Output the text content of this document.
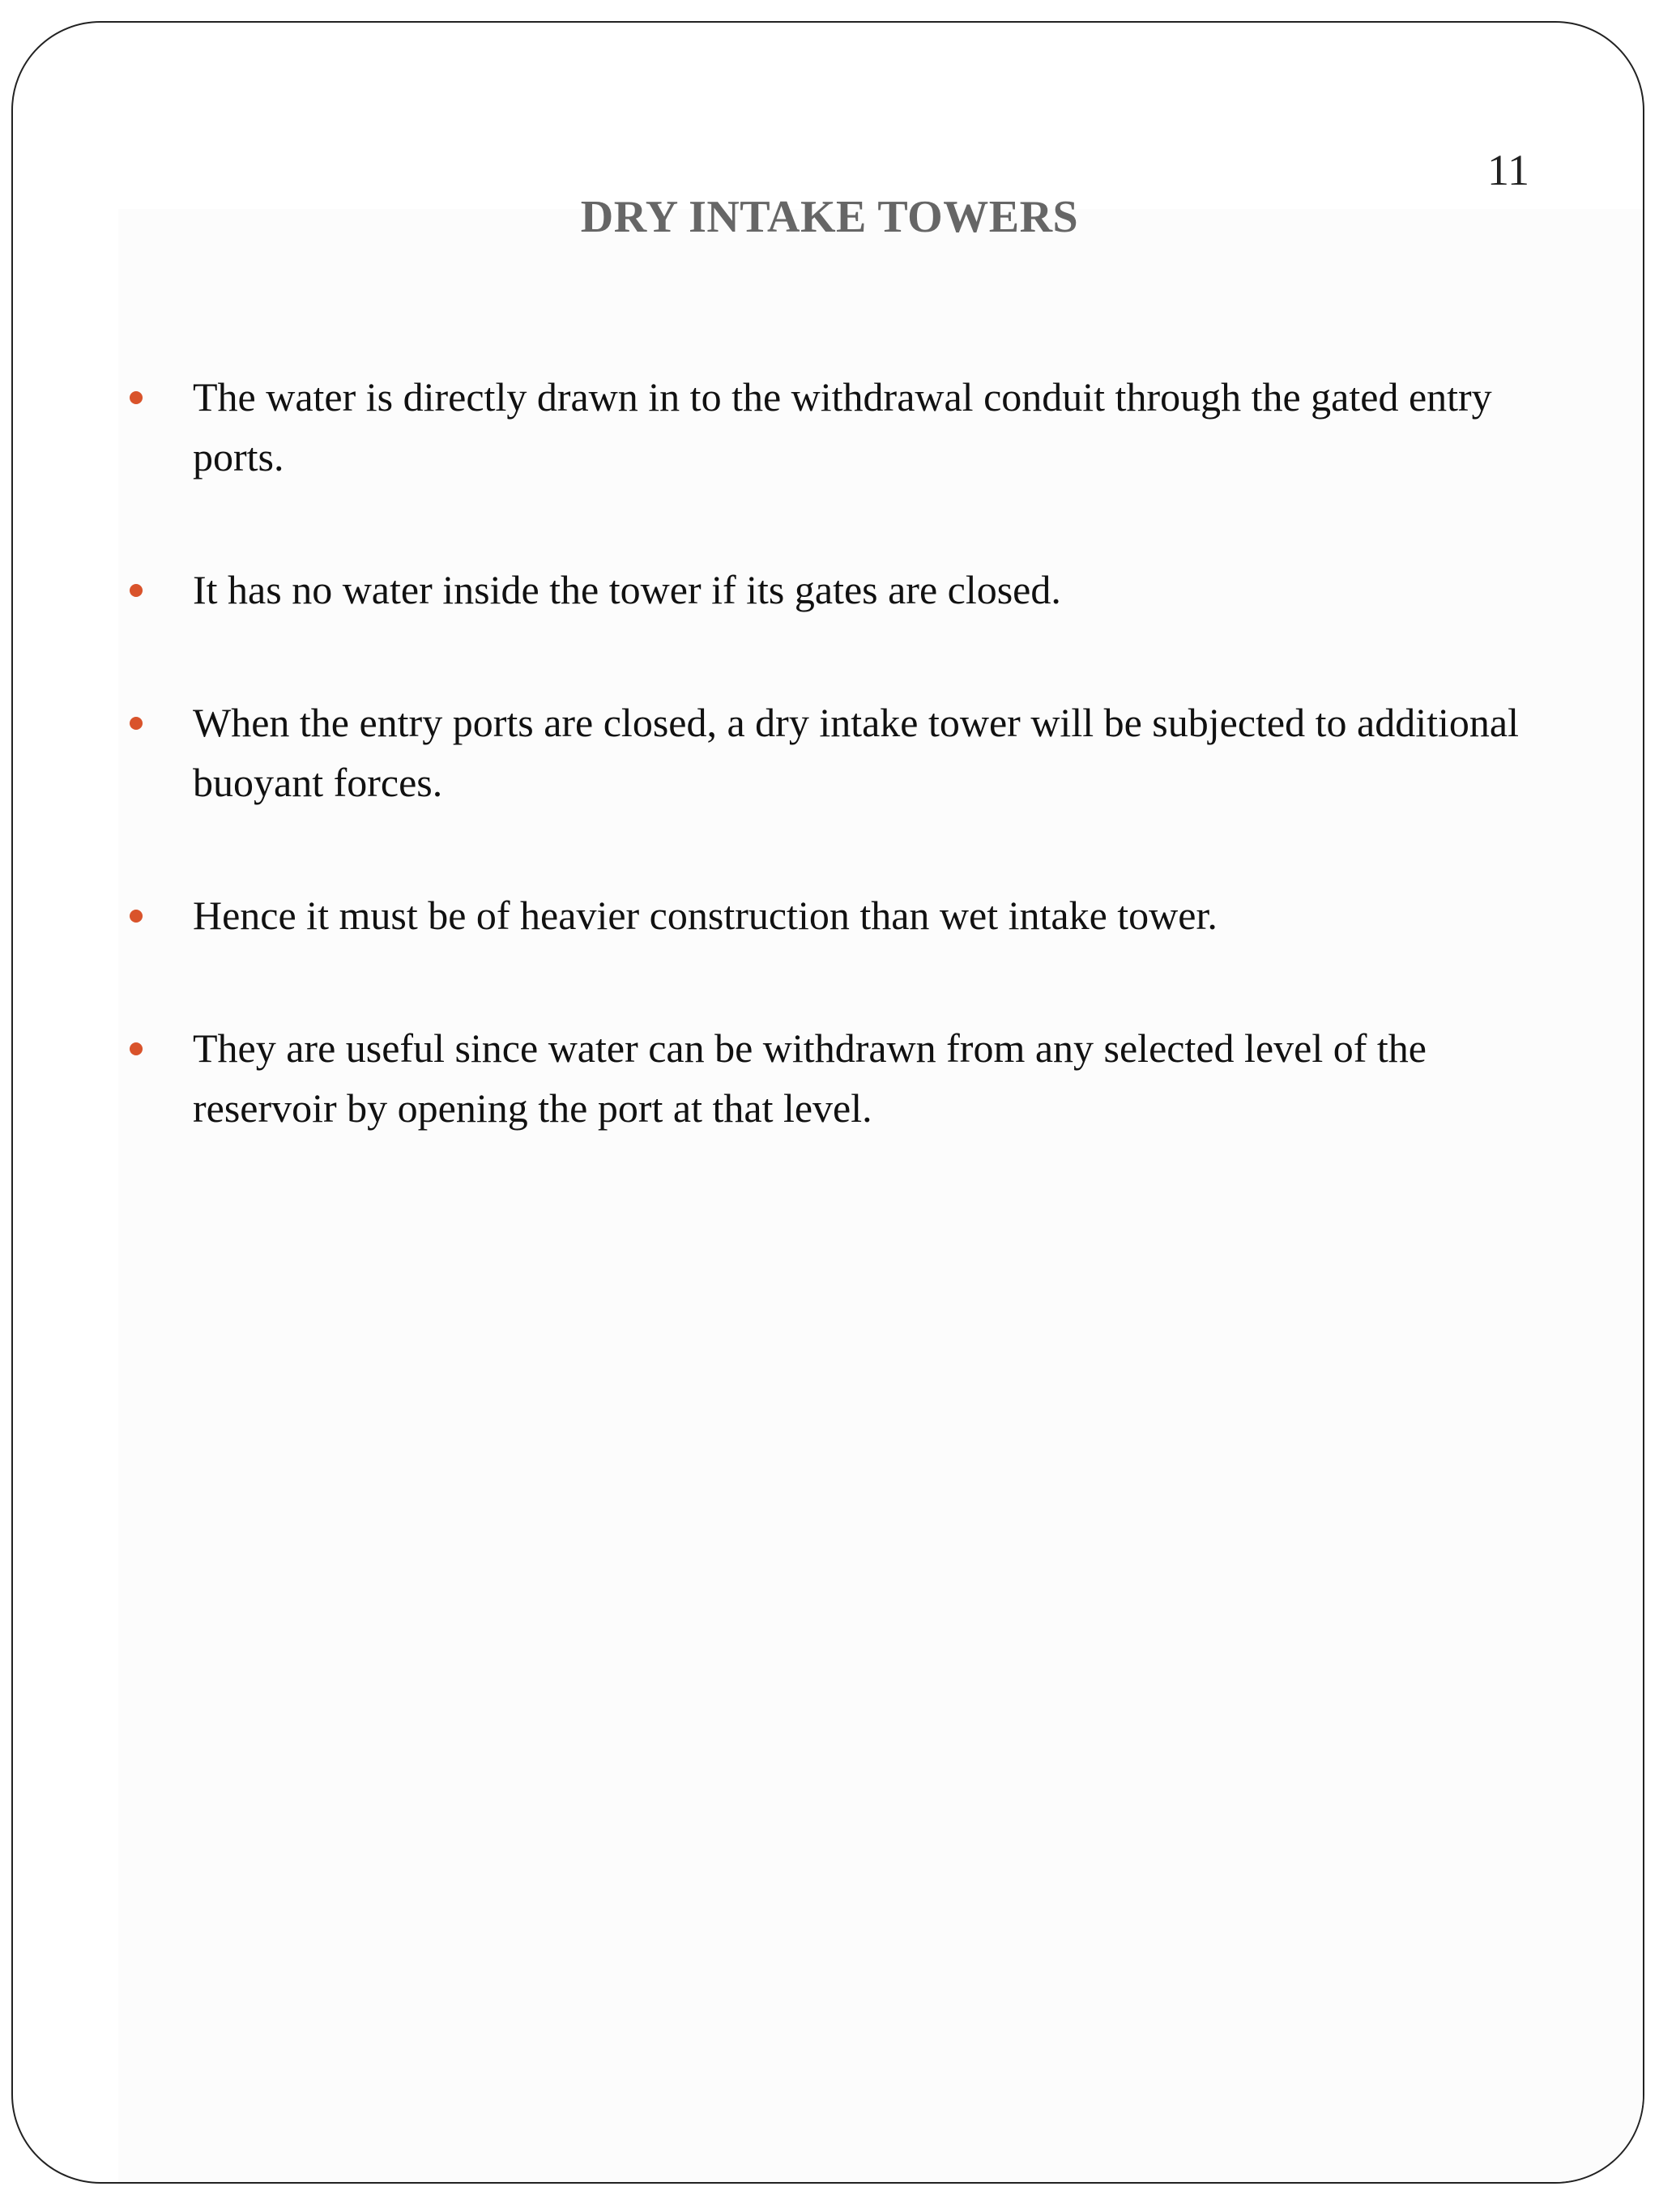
11
DRY INTAKE TOWERS
The water is directly drawn in to the withdrawal conduit through the gated entry ports.
It has no water inside the tower if its gates are closed.
When the entry ports are closed, a dry intake tower will be subjected to additional buoyant forces.
Hence it must be of heavier construction than wet intake tower.
They are useful since water can be withdrawn from any selected level of the reservoir by opening the port at that level.
